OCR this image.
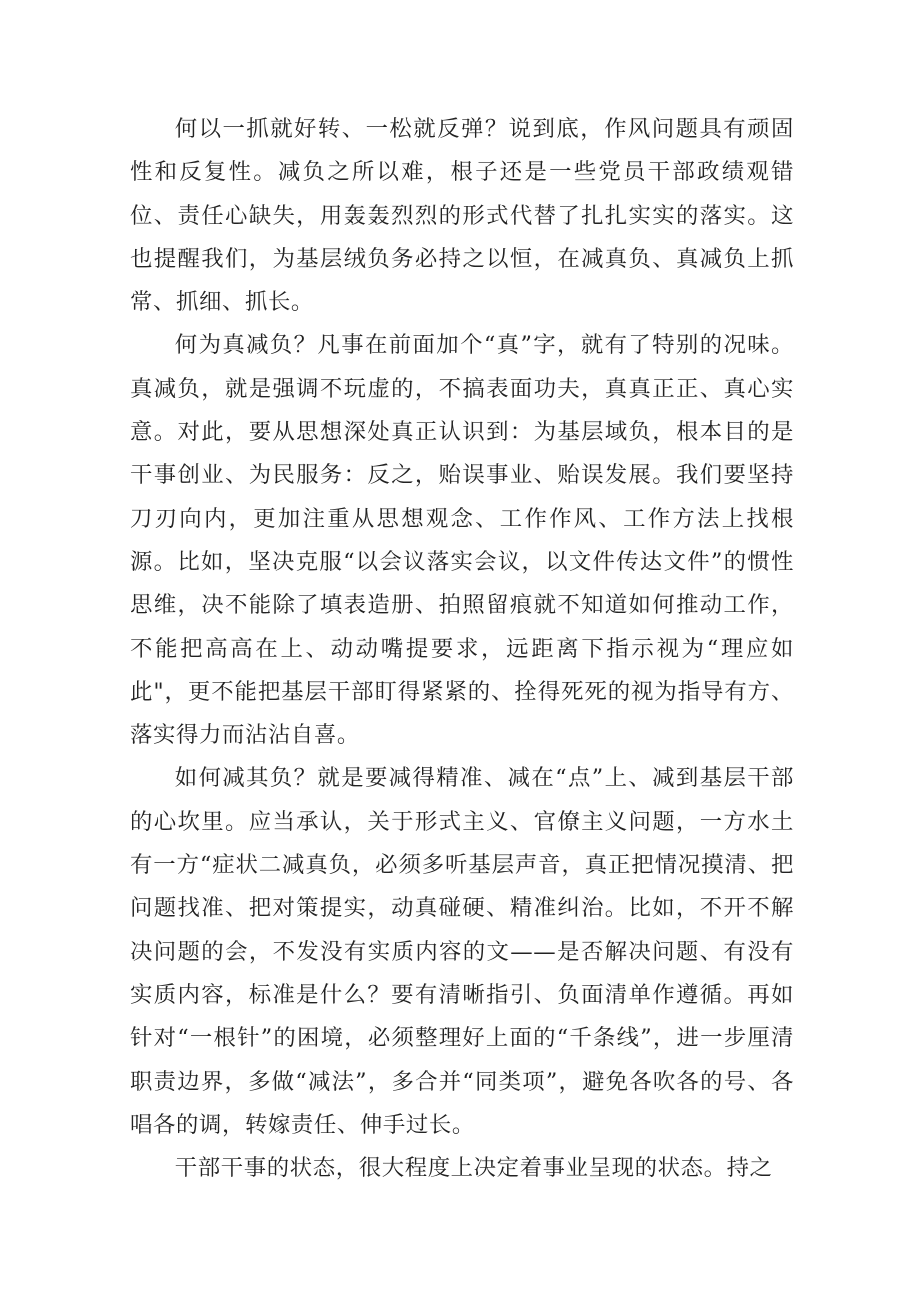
何以一抓就好转、一松就反弹？说到底，作风问题具有顽固性和反复性。减负之所以难，根子还是一些党员干部政绩观错位、责任心缺失，用轰轰烈烈的形式代替了扎扎实实的落实。这也提醒我们，为基层绒负务必持之以恒，在减真负、真减负上抓常、抓细、抓长。

何为真减负？凡事在前面加个“真”字，就有了特别的况味。真减负，就是强调不玩虚的，不搞表面功夫，真真正正、真心实意。对此，要从思想深处真正认识到：为基层域负，根本目的是干事创业、为民服务：反之，贻误事业、贻误发展。我们要坚持刀刃向内，更加注重从思想观念、工作作风、工作方法上找根源。比如，坚决克服“以会议落实会议，以文件传达文件”的惯性思维，决不能除了填表造册、拍照留痕就不知道如何推动工作，不能把高高在上、动动嘴提要求，远距离下指示视为“理应如此"，更不能把基层干部盯得紧紧的、拴得死死的视为指导有方、落实得力而沾沾自喜。

如何减其负？就是要减得精准、减在“点”上、减到基层干部的心坎里。应当承认，关于形式主义、官僚主义问题，一方水土有一方“症状二减真负，必须多听基层声音，真正把情况摸清、把问题找准、把对策提实，动真碰硬、精准纠治。比如，不开不解决问题的会，不发没有实质内容的文——是否解决问题、有没有实质内容，标准是什么？要有清晰指引、负面清单作遵循。再如针对“一根针”的困境，必须整理好上面的“千条线”，进一步厘清职责边界，多做“减法”，多合并“同类项”，避免各吹各的号、各唱各的调，转嫁责任、伸手过长。

干部干事的状态，很大程度上决定着事业呈现的状态。持之
